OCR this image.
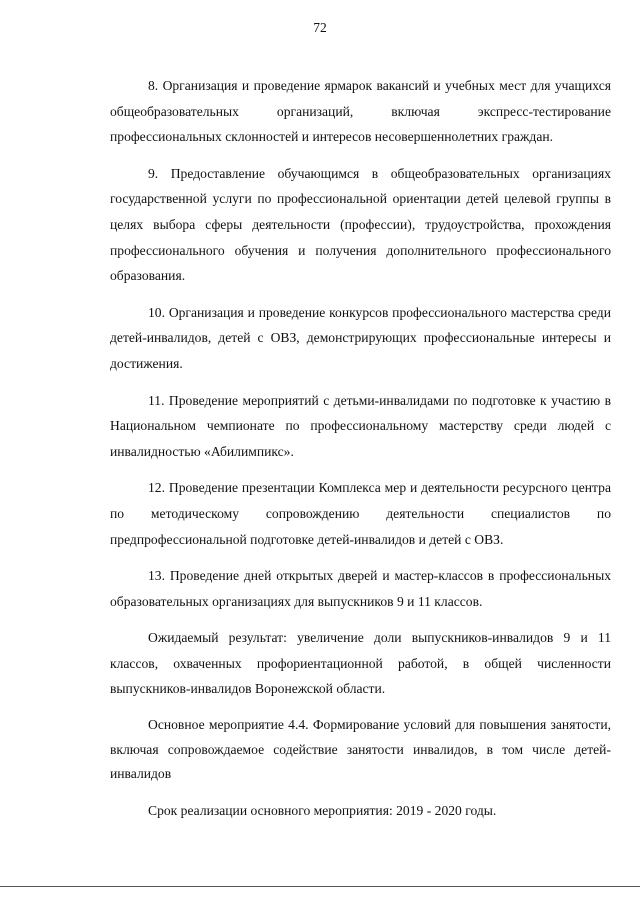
72

8. Организация и проведение ярмарок вакансий и учебных мест для учащихся общеобразовательных организаций, включая экспресс-тестирование профессиональных склонностей и интересов несовершеннолетних граждан.

9. Предоставление обучающимся в общеобразовательных организациях государственной услуги по профессиональной ориентации детей целевой группы в целях выбора сферы деятельности (профессии), трудоустройства, прохождения профессионального обучения и получения дополнительного профессионального образования.

10. Организация и проведение конкурсов профессионального мастерства среди детей-инвалидов, детей с ОВЗ, демонстрирующих профессиональные интересы и достижения.

11. Проведение мероприятий с детьми-инвалидами по подготовке к участию в Национальном чемпионате по профессиональному мастерству среди людей с инвалидностью «Абилимпикс».

12. Проведение презентации Комплекса мер и деятельности ресурсного центра по методическому сопровождению деятельности специалистов по предпрофессиональной подготовке детей-инвалидов и детей с ОВЗ.

13. Проведение дней открытых дверей и мастер-классов в профессиональных образовательных организациях для выпускников 9 и 11 классов.

Ожидаемый результат: увеличение доли выпускников-инвалидов 9 и 11 классов, охваченных профориентационной работой, в общей численности выпускников-инвалидов Воронежской области.

Основное мероприятие 4.4. Формирование условий для повышения занятости, включая сопровождаемое содействие занятости инвалидов, в том числе детей-инвалидов

Срок реализации основного мероприятия: 2019 - 2020 годы.
